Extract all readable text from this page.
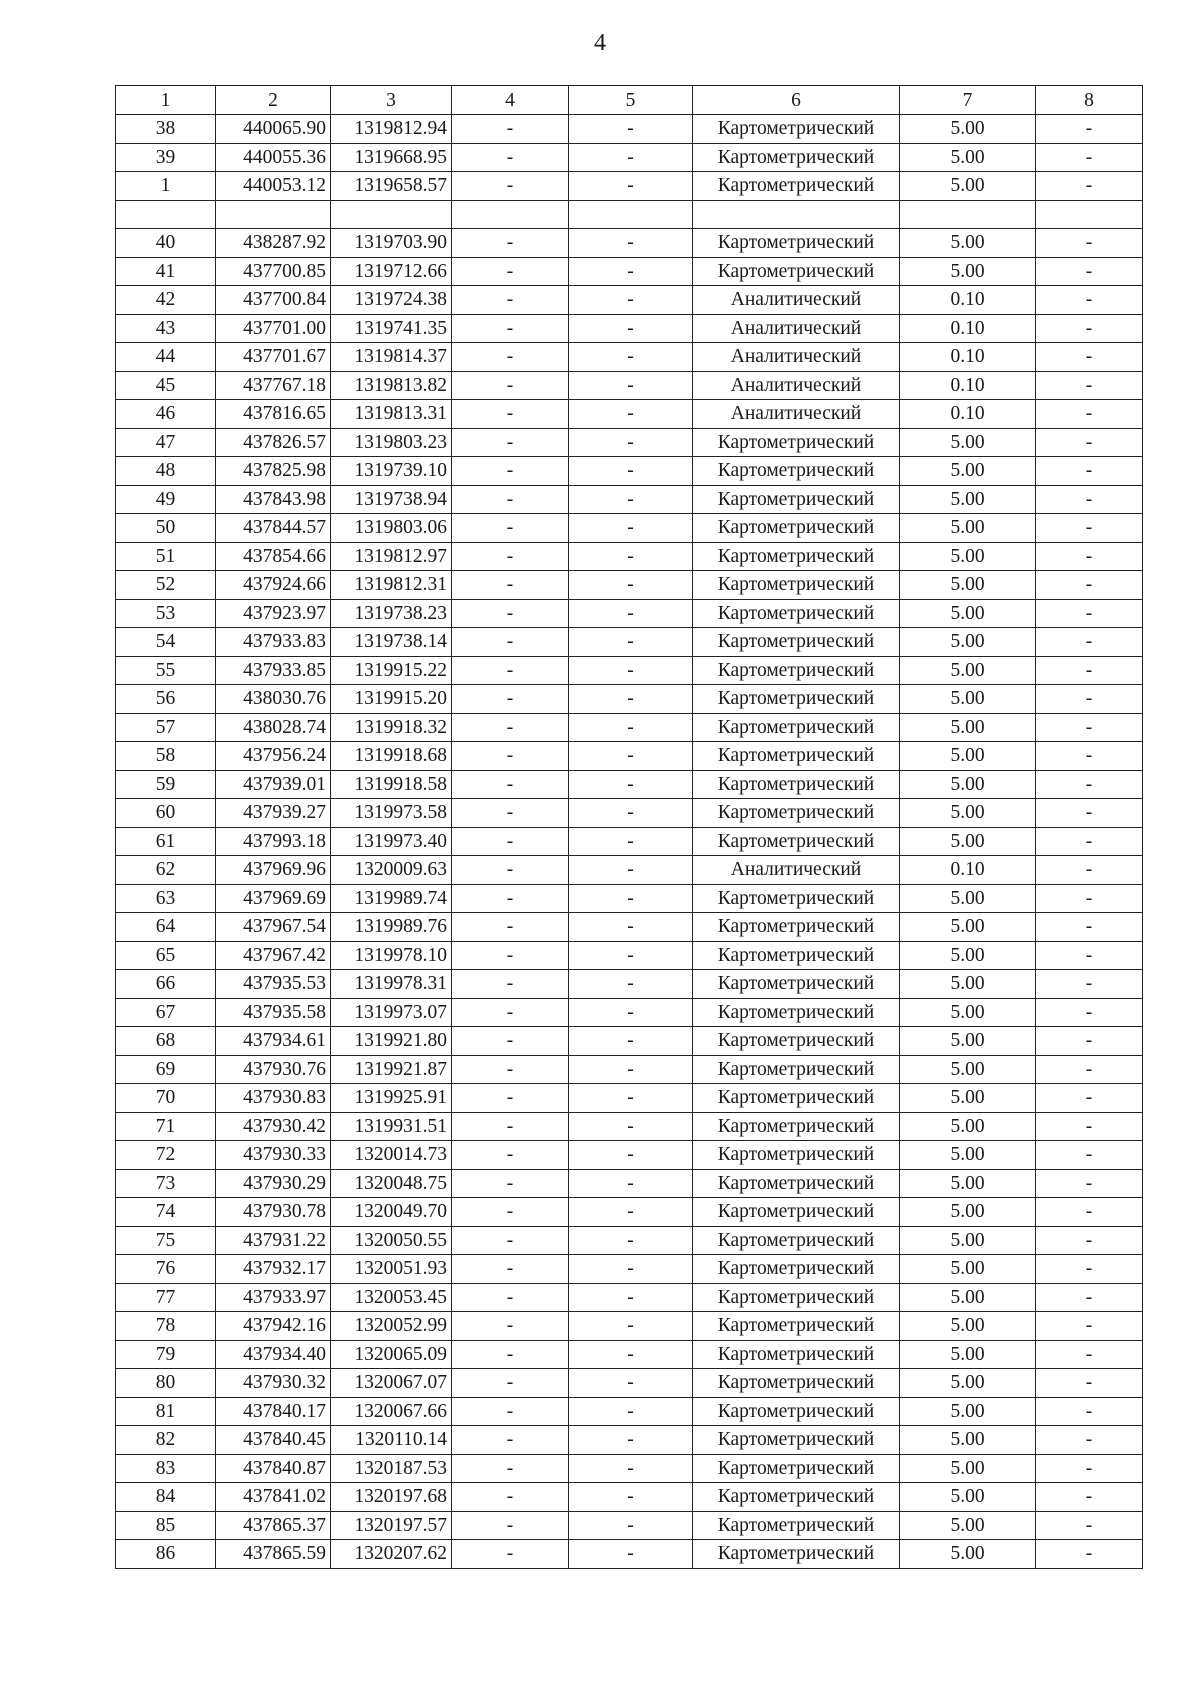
4
1	2	3	4	5	6	7	8
38	440065.90	1319812.94	-	-	Картометрический	5.00	-
39	440055.36	1319668.95	-	-	Картометрический	5.00	-
1	440053.12	1319658.57	-	-	Картометрический	5.00	-

40	438287.92	1319703.90	-	-	Картометрический	5.00	-
41	437700.85	1319712.66	-	-	Картометрический	5.00	-
42	437700.84	1319724.38	-	-	Аналитический	0.10	-
43	437701.00	1319741.35	-	-	Аналитический	0.10	-
44	437701.67	1319814.37	-	-	Аналитический	0.10	-
45	437767.18	1319813.82	-	-	Аналитический	0.10	-
46	437816.65	1319813.31	-	-	Аналитический	0.10	-
47	437826.57	1319803.23	-	-	Картометрический	5.00	-
48	437825.98	1319739.10	-	-	Картометрический	5.00	-
49	437843.98	1319738.94	-	-	Картометрический	5.00	-
50	437844.57	1319803.06	-	-	Картометрический	5.00	-
51	437854.66	1319812.97	-	-	Картометрический	5.00	-
52	437924.66	1319812.31	-	-	Картометрический	5.00	-
53	437923.97	1319738.23	-	-	Картометрический	5.00	-
54	437933.83	1319738.14	-	-	Картометрический	5.00	-
55	437933.85	1319915.22	-	-	Картометрический	5.00	-
56	438030.76	1319915.20	-	-	Картометрический	5.00	-
57	438028.74	1319918.32	-	-	Картометрический	5.00	-
58	437956.24	1319918.68	-	-	Картометрический	5.00	-
59	437939.01	1319918.58	-	-	Картометрический	5.00	-
60	437939.27	1319973.58	-	-	Картометрический	5.00	-
61	437993.18	1319973.40	-	-	Картометрический	5.00	-
62	437969.96	1320009.63	-	-	Аналитический	0.10	-
63	437969.69	1319989.74	-	-	Картометрический	5.00	-
64	437967.54	1319989.76	-	-	Картометрический	5.00	-
65	437967.42	1319978.10	-	-	Картометрический	5.00	-
66	437935.53	1319978.31	-	-	Картометрический	5.00	-
67	437935.58	1319973.07	-	-	Картометрический	5.00	-
68	437934.61	1319921.80	-	-	Картометрический	5.00	-
69	437930.76	1319921.87	-	-	Картометрический	5.00	-
70	437930.83	1319925.91	-	-	Картометрический	5.00	-
71	437930.42	1319931.51	-	-	Картометрический	5.00	-
72	437930.33	1320014.73	-	-	Картометрический	5.00	-
73	437930.29	1320048.75	-	-	Картометрический	5.00	-
74	437930.78	1320049.70	-	-	Картометрический	5.00	-
75	437931.22	1320050.55	-	-	Картометрический	5.00	-
76	437932.17	1320051.93	-	-	Картометрический	5.00	-
77	437933.97	1320053.45	-	-	Картометрический	5.00	-
78	437942.16	1320052.99	-	-	Картометрический	5.00	-
79	437934.40	1320065.09	-	-	Картометрический	5.00	-
80	437930.32	1320067.07	-	-	Картометрический	5.00	-
81	437840.17	1320067.66	-	-	Картометрический	5.00	-
82	437840.45	1320110.14	-	-	Картометрический	5.00	-
83	437840.87	1320187.53	-	-	Картометрический	5.00	-
84	437841.02	1320197.68	-	-	Картометрический	5.00	-
85	437865.37	1320197.57	-	-	Картометрический	5.00	-
86	437865.59	1320207.62	-	-	Картометрический	5.00	-
